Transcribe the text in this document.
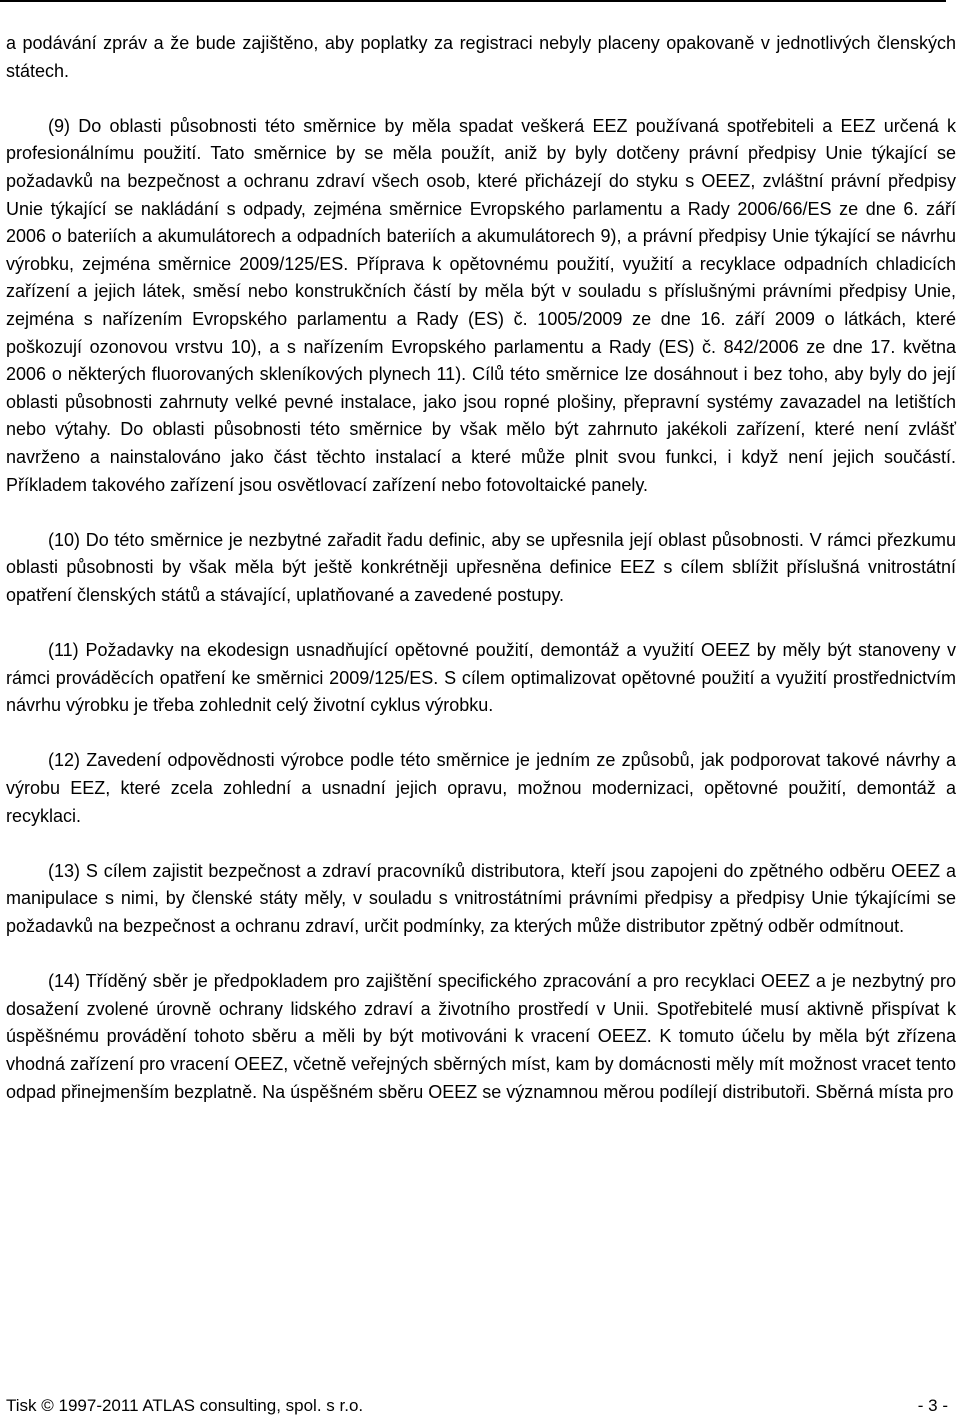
a podávání zpráv a že bude zajištěno, aby poplatky za registraci nebyly placeny opakovaně v jednotlivých členských státech.

(9) Do oblasti působnosti této směrnice by měla spadat veškerá EEZ používaná spotřebiteli a EEZ určená k profesionálnímu použití. Tato směrnice by se měla použít, aniž by byly dotčeny právní předpisy Unie týkající se požadavků na bezpečnost a ochranu zdraví všech osob, které přicházejí do styku s OEEZ, zvláštní právní předpisy Unie týkající se nakládání s odpady, zejména směrnice Evropského parlamentu a Rady 2006/66/ES ze dne 6. září 2006 o bateriích a akumulátorech a odpadních bateriích a akumulátorech 9), a právní předpisy Unie týkající se návrhu výrobku, zejména směrnice 2009/125/ES. Příprava k opětovnému použití, využití a recyklace odpadních chladicích zařízení a jejich látek, směsí nebo konstrukčních částí by měla být v souladu s příslušnými právními předpisy Unie, zejména s nařízením Evropského parlamentu a Rady (ES) č. 1005/2009 ze dne 16. září 2009 o látkách, které poškozují ozonovou vrstvu 10), a s nařízením Evropského parlamentu a Rady (ES) č. 842/2006 ze dne 17. května 2006 o některých fluorovaných skleníkových plynech 11). Cílů této směrnice lze dosáhnout i bez toho, aby byly do její oblasti působnosti zahrnuty velké pevné instalace, jako jsou ropné plošiny, přepravní systémy zavazadel na letištích nebo výtahy. Do oblasti působnosti této směrnice by však mělo být zahrnuto jakékoli zařízení, které není zvlášť navrženo a nainstalováno jako část těchto instalací a které může plnit svou funkci, i když není jejich součástí. Příkladem takového zařízení jsou osvětlovací zařízení nebo fotovoltaické panely.

(10) Do této směrnice je nezbytné zařadit řadu definic, aby se upřesnila její oblast působnosti. V rámci přezkumu oblasti působnosti by však měla být ještě konkrétněji upřesněna definice EEZ s cílem sblížit příslušná vnitrostátní opatření členských států a stávající, uplatňované a zavedené postupy.

(11) Požadavky na ekodesign usnadňující opětovné použití, demontáž a využití OEEZ by měly být stanoveny v rámci prováděcích opatření ke směrnici 2009/125/ES. S cílem optimalizovat opětovné použití a využití prostřednictvím návrhu výrobku je třeba zohlednit celý životní cyklus výrobku.

(12) Zavedení odpovědnosti výrobce podle této směrnice je jedním ze způsobů, jak podporovat takové návrhy a výrobu EEZ, které zcela zohlední a usnadní jejich opravu, možnou modernizaci, opětovné použití, demontáž a recyklaci.

(13) S cílem zajistit bezpečnost a zdraví pracovníků distributora, kteří jsou zapojeni do zpětného odběru OEEZ a manipulace s nimi, by členské státy měly, v souladu s vnitrostátními právními předpisy a předpisy Unie týkajícími se požadavků na bezpečnost a ochranu zdraví, určit podmínky, za kterých může distributor zpětný odběr odmítnout.

(14) Tříděný sběr je předpokladem pro zajištění specifického zpracování a pro recyklaci OEEZ a je nezbytný pro dosažení zvolené úrovně ochrany lidského zdraví a životního prostředí v Unii. Spotřebitelé musí aktivně přispívat k úspěšnému provádění tohoto sběru a měli by být motivováni k vracení OEEZ. K tomuto účelu by měla být zřízena vhodná zařízení pro vracení OEEZ, včetně veřejných sběrných míst, kam by domácnosti měly mít možnost vracet tento odpad přinejmenším bezplatně. Na úspěšném sběru OEEZ se významnou měrou podílejí distributoři. Sběrná místa pro

Tisk © 1997-2011 ATLAS consulting, spol. s r.o.	- 3 -
